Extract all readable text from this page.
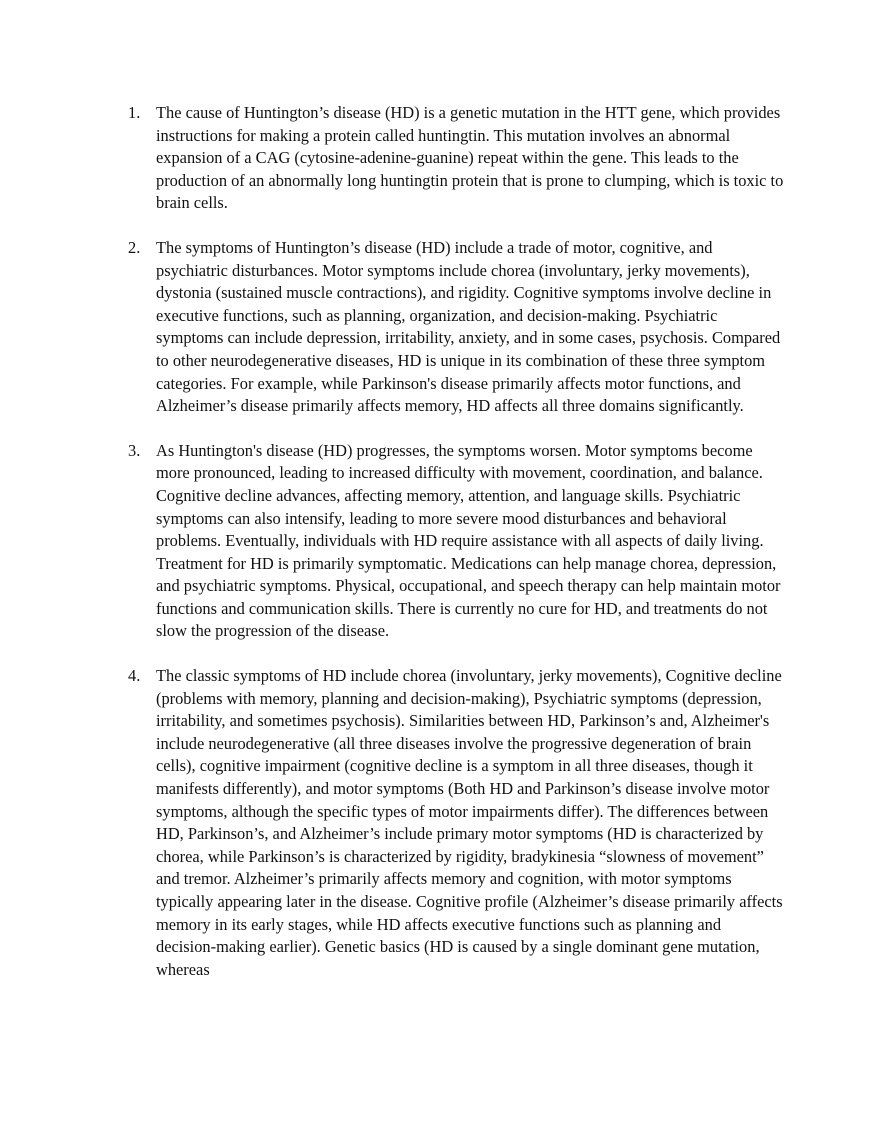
1. The cause of Huntington’s disease (HD) is a genetic mutation in the HTT gene, which provides instructions for making a protein called huntingtin. This mutation involves an abnormal expansion of a CAG (cytosine-adenine-guanine) repeat within the gene. This leads to the production of an abnormally long huntingtin protein that is prone to clumping, which is toxic to brain cells.
2. The symptoms of Huntington’s disease (HD) include a trade of motor, cognitive, and psychiatric disturbances. Motor symptoms include chorea (involuntary, jerky movements), dystonia (sustained muscle contractions), and rigidity. Cognitive symptoms involve decline in executive functions, such as planning, organization, and decision-making. Psychiatric symptoms can include depression, irritability, anxiety, and in some cases, psychosis. Compared to other neurodegenerative diseases, HD is unique in its combination of these three symptom categories. For example, while Parkinson's disease primarily affects motor functions, and Alzheimer’s disease primarily affects memory, HD affects all three domains significantly.
3. As Huntington's disease (HD) progresses, the symptoms worsen. Motor symptoms become more pronounced, leading to increased difficulty with movement, coordination, and balance. Cognitive decline advances, affecting memory, attention, and language skills. Psychiatric symptoms can also intensify, leading to more severe mood disturbances and behavioral problems. Eventually, individuals with HD require assistance with all aspects of daily living. Treatment for HD is primarily symptomatic. Medications can help manage chorea, depression, and psychiatric symptoms. Physical, occupational, and speech therapy can help maintain motor functions and communication skills. There is currently no cure for HD, and treatments do not slow the progression of the disease.
4. The classic symptoms of HD include chorea (involuntary, jerky movements), Cognitive decline (problems with memory, planning and decision-making), Psychiatric symptoms (depression, irritability, and sometimes psychosis). Similarities between HD, Parkinson’s and, Alzheimer's include neurodegenerative (all three diseases involve the progressive degeneration of brain cells), cognitive impairment (cognitive decline is a symptom in all three diseases, though it manifests differently), and motor symptoms (Both HD and Parkinson’s disease involve motor symptoms, although the specific types of motor impairments differ). The differences between HD, Parkinson’s, and Alzheimer’s include primary motor symptoms (HD is characterized by chorea, while Parkinson’s is characterized by rigidity, bradykinesia “slowness of movement” and tremor. Alzheimer’s primarily affects memory and cognition, with motor symptoms typically appearing later in the disease. Cognitive profile (Alzheimer’s disease primarily affects memory in its early stages, while HD affects executive functions such as planning and decision-making earlier). Genetic basics (HD is caused by a single dominant gene mutation, whereas
